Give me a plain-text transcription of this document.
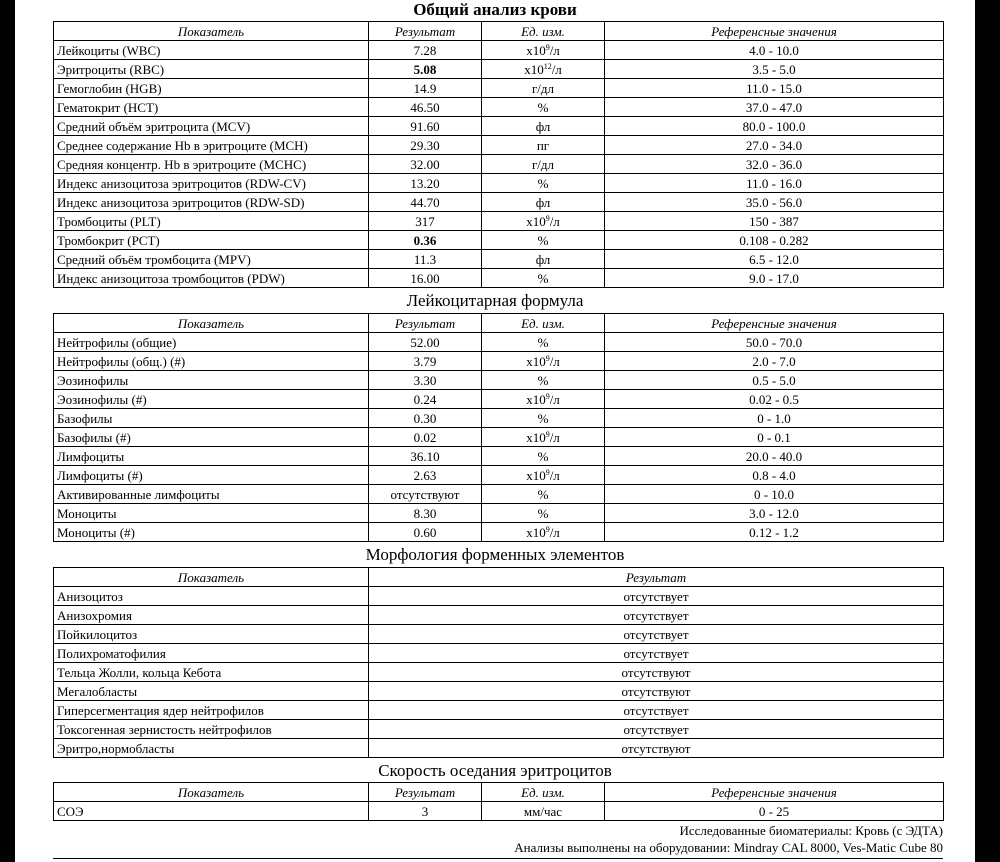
Общий анализ крови
Показатель	Результат	Ед. изм.	Референсные значения
Лейкоциты (WBC)	7.28	$x10^9/л$	4.0 - 10.0
Эритроциты (RBC)	5.08	$x10^{12}/л$	3.5 - 5.0
Гемоглобин (HGB)	14.9	г/дл	11.0 - 15.0
Гематокрит (HCT)	46.50	%	37.0 - 47.0
Средний объём эритроцита (MCV)	91.60	фл	80.0 - 100.0
Среднее содержание Hb в эритроците (MCH)	29.30	пг	27.0 - 34.0
Средняя концентр. Hb в эритроците (MCHC)	32.00	г/дл	32.0 - 36.0
Индекс анизоцитоза эритроцитов (RDW-CV)	13.20	%	11.0 - 16.0
Индекс анизоцитоза эритроцитов (RDW-SD)	44.70	фл	35.0 - 56.0
Тромбоциты (PLT)	317	$x10^9/л$	150 - 387
Тромбокрит (PCT)	0.36	%	0.108 - 0.282
Средний объём тромбоцита (MPV)	11.3	фл	6.5 - 12.0
Индекс анизоцитоза тромбоцитов (PDW)	16.00	%	9.0 - 17.0
Лейкоцитарная формула
Показатель	Результат	Ед. изм.	Референсные значения
Нейтрофилы (общие)	52.00	%	50.0 - 70.0
Нейтрофилы (общ.) (#)	3.79	$x10^9/л$	2.0 - 7.0
Эозинофилы	3.30	%	0.5 - 5.0
Эозинофилы (#)	0.24	$x10^9/л$	0.02 - 0.5
Базофилы	0.30	%	0 - 1.0
Базофилы (#)	0.02	$x10^9/л$	0 - 0.1
Лимфоциты	36.10	%	20.0 - 40.0
Лимфоциты (#)	2.63	$x10^9/л$	0.8 - 4.0
Активированные лимфоциты	отсутствуют	%	0 - 10.0
Моноциты	8.30	%	3.0 - 12.0
Моноциты (#)	0.60	$x10^9/л$	0.12 - 1.2
Морфология форменных элементов
Показатель	Результат
Анизоцитоз	отсутствует
Анизохромия	отсутствует
Пойкилоцитоз	отсутствует
Полихроматофилия	отсутствует
Тельца Жолли, кольца Кебота	отсутствуют
Мегалобласты	отсутствуют
Гиперсегментация ядер нейтрофилов	отсутствует
Токсогенная зернистость нейтрофилов	отсутствует
Эритро,нормобласты	отсутствуют
Скорость оседания эритроцитов
Показатель	Результат	Ед. изм.	Референсные значения
СОЭ	3	мм/час	0 - 25
Исследованные биоматериалы: Кровь (с ЭДТА)
Анализы выполнены на оборудовании: Mindray CAL 8000, Ves-Matic Cube 80
